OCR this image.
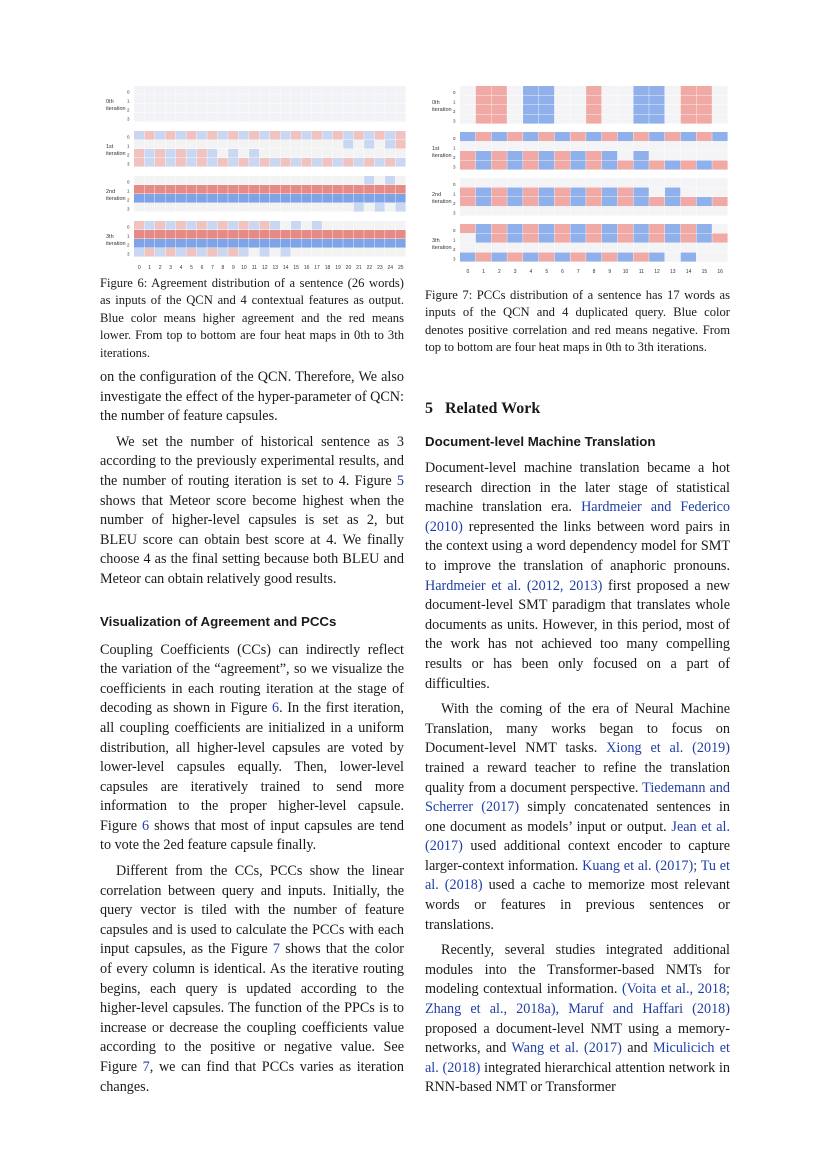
0th
iteration
0
1
2
3
1st
iteration
0
1
2
3
2nd
iteration
0
1
2
3
3th
iteration
0
1
2
3
0 1 2 3 4 5 6 7 8 9 10 11 12 13 14 15 16 17 18 19 20 21 22 23 24 25

Figure 6: Agreement distribution of a sentence (26 words) as inputs of the QCN and 4 contextual features as output. Blue color means higher agreement and the red means lower. From top to bottom are four heat maps in 0th to 3th iterations.

0th
iteration
0
1
2
3
1st
iteration
0
1
2
3
2nd
iteration
0
1
2
3
3th
iteration
0
1
2
3
0	1	2	3	4	5	6	7	8	9 10 11 12 13 14 15 16

Figure 7: PCCs distribution of a sentence has 17 words as inputs of the QCN and 4 duplicated query. Blue color denotes positive correlation and red means negative. From top to bottom are four heat maps in 0th to 3th iterations.

on the configuration of the QCN. Therefore, We also investigate the effect of the hyper-parameter of QCN: the number of feature capsules.

We set the number of historical sentence as 3 according to the previously experimental results, and the number of routing iteration is set to 4. Figure 5 shows that Meteor score become highest when the number of higher-level capsules is set as 2, but BLEU score can obtain best score at 4. We finally choose 4 as the final setting because both BLEU and Meteor can obtain relatively good results.

Visualization of Agreement and PCCs

Coupling Coefficients (CCs) can indirectly reflect the variation of the “agreement”, so we visualize the coefficients in each routing iteration at the stage of decoding as shown in Figure 6. In the first iteration, all coupling coefficients are initialized in a uniform distribution, all higher-level capsules are voted by lower-level capsules equally. Then, lower-level capsules are iteratively trained to send more information to the proper higher-level capsule. Figure 6 shows that most of input capsules are tend to vote the 2ed feature capsule finally.

Different from the CCs, PCCs show the linear correlation between query and inputs. Initially, the query vector is tiled with the number of feature capsules and is used to calculate the PCCs with each input capsules, as the Figure 7 shows that the color of every column is identical. As the iterative routing begins, each query is updated according to the higher-level capsules. The function of the PPCs is to increase or decrease the coupling coefficients value according to the positive or negative value. See Figure 7, we can find that PCCs varies as iteration changes.

5   Related Work

Document-level Machine Translation

Document-level machine translation became a hot research direction in the later stage of statistical machine translation era. Hardmeier and Federico (2010) represented the links between word pairs in the context using a word dependency model for SMT to improve the translation of anaphoric pronouns. Hardmeier et al. (2012, 2013) first proposed a new document-level SMT paradigm that translates whole documents as units. However, in this period, most of the work has not achieved too many compelling results or has been only focused on a part of difficulties.

With the coming of the era of Neural Machine Translation, many works began to focus on Document-level NMT tasks. Xiong et al. (2019) trained a reward teacher to refine the translation quality from a document perspective. Tiedemann and Scherrer (2017) simply concatenated sentences in one document as models’ input or output. Jean et al. (2017) used additional context encoder to capture larger-context information. Kuang et al. (2017); Tu et al. (2018) used a cache to memorize most relevant words or features in previous sentences or translations.

Recently, several studies integrated additional modules into the Transformer-based NMTs for modeling contextual information. (Voita et al., 2018; Zhang et al., 2018a), Maruf and Haffari (2018) proposed a document-level NMT using a memory-networks, and Wang et al. (2017) and Miculicich et al. (2018) integrated hierarchical attention network in RNN-based NMT or Transformer
